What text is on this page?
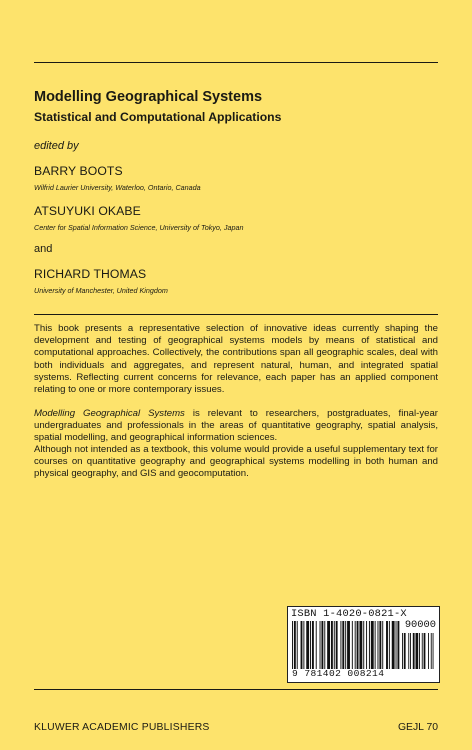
Modelling Geographical Systems
Statistical and Computational Applications
edited by
BARRY BOOTS
Wilfrid Laurier University, Waterloo, Ontario, Canada
ATSUYUKI OKABE
Center for Spatial Information Science, University of Tokyo, Japan
and
RICHARD THOMAS
University of Manchester, United Kingdom

This book presents a representative selection of innovative ideas currently shaping the development and testing of geographical systems models by means of statistical and computational approaches. Collectively, the contributions span all geographic scales, deal with both individuals and aggregates, and represent natural, human, and integrated spatial systems. Reflecting current concerns for relevance, each paper has an applied component relating to one or more contemporary issues.

Modelling Geographical Systems is relevant to researchers, postgraduates, final-year undergraduates and professionals in the areas of quantitative geography, spatial analysis, spatial modelling, and geographical information sciences.

Although not intended as a textbook, this volume would provide a useful supplementary text for courses on quantitative geography and geographical systems modelling in both human and physical geography, and GIS and geocomputation.

ISBN 1-4020-0821-X
90000
9 781402 008214
KLUWER ACADEMIC PUBLISHERS	GEJL 70
